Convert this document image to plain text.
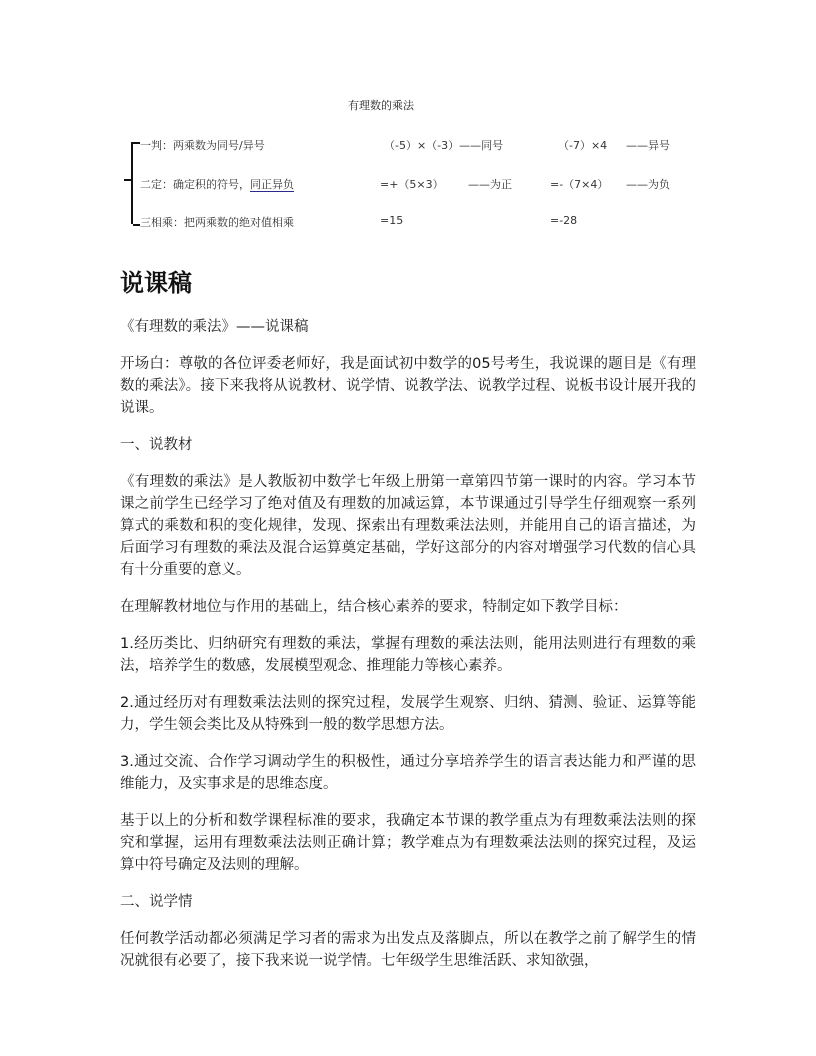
有理数的乘法
一判：两乘数为同号/异号	（-5）×（-3）——同号	（-7）×4 ——异号
二定：确定积的符号，同正异负	=+（5×3） ——为正	=-（7×4） ——为负
三相乘：把两乘数的绝对值相乘	=15	=-28
说课稿

《有理数的乘法》——说课稿

开场白：尊敬的各位评委老师好，我是面试初中数学的05号考生，我说课的题目是《有理数的乘法》。接下来我将从说教材、说学情、说教学法、说教学过程、说板书设计展开我的说课。

一、说教材

《有理数的乘法》是人教版初中数学七年级上册第一章第四节第一课时的内容。学习本节课之前学生已经学习了绝对值及有理数的加减运算，本节课通过引导学生仔细观察一系列算式的乘数和积的变化规律，发现、探索出有理数乘法法则，并能用自己的语言描述，为后面学习有理数的乘法及混合运算奠定基础，学好这部分的内容对增强学习代数的信心具有十分重要的意义。

在理解教材地位与作用的基础上，结合核心素养的要求，特制定如下教学目标：

1.经历类比、归纳研究有理数的乘法，掌握有理数的乘法法则，能用法则进行有理数的乘法，培养学生的数感，发展模型观念、推理能力等核心素养。

2.通过经历对有理数乘法法则的探究过程，发展学生观察、归纳、猜测、验证、运算等能力，学生领会类比及从特殊到一般的数学思想方法。

3.通过交流、合作学习调动学生的积极性，通过分享培养学生的语言表达能力和严谨的思维能力，及实事求是的思维态度。

基于以上的分析和数学课程标准的要求，我确定本节课的教学重点为有理数乘法法则的探究和掌握，运用有理数乘法法则正确计算；教学难点为有理数乘法法则的探究过程，及运算中符号确定及法则的理解。

二、说学情

任何教学活动都必须满足学习者的需求为出发点及落脚点，所以在教学之前了解学生的情况就很有必要了，接下我来说一说学情。七年级学生思维活跃、求知欲强，
